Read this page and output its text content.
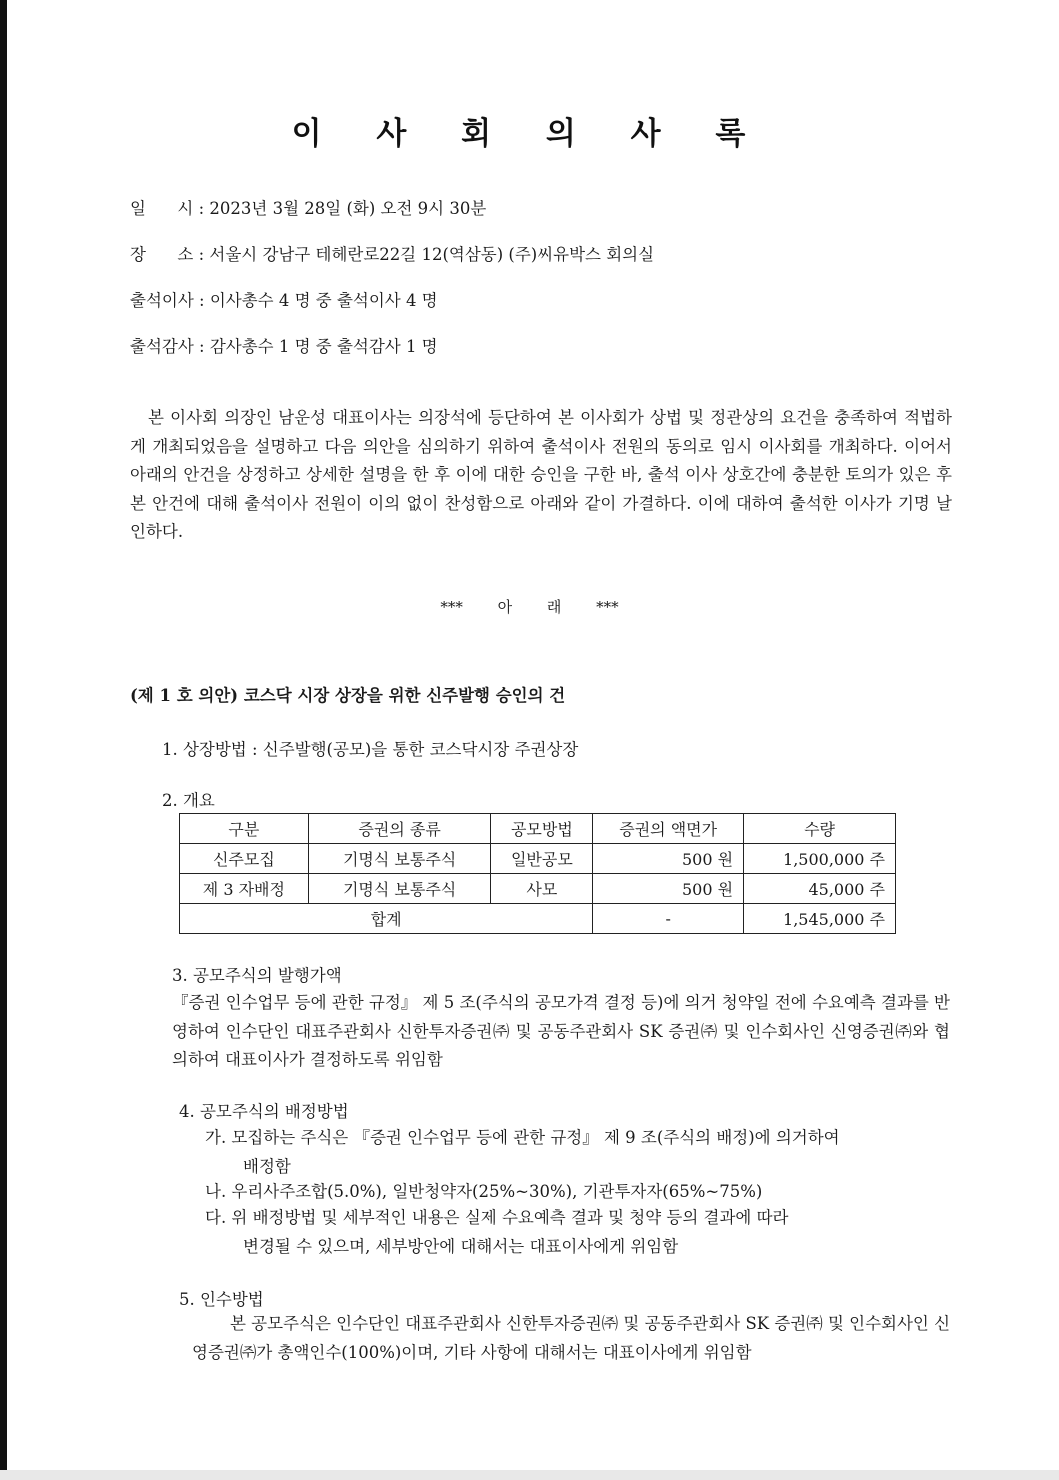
이 사 회 의 사 록
일      시 : 2023년 3월 28일 (화) 오전 9시 30분
장      소 : 서울시 강남구 테헤란로22길 12(역삼동) (주)씨유박스 회의실
출석이사 : 이사총수 4 명 중 출석이사 4 명
출석감사 : 감사총수 1 명 중 출석감사 1 명
본 이사회 의장인 남운성 대표이사는 의장석에 등단하여 본 이사회가 상법 및 정관상의 요건을 충족하여 적법하게 개최되었음을 설명하고 다음 의안을 심의하기 위하여 출석이사 전원의 동의로 임시 이사회를 개최하다. 이어서 아래의 안건을 상정하고 상세한 설명을 한 후 이에 대한 승인을 구한 바, 출석 이사 상호간에 충분한 토의가 있은 후 본 안건에 대해 출석이사 전원이 이의 없이 찬성함으로 아래와 같이 가결하다. 이에 대하여 출석한 이사가 기명 날인하다.
*** 아 래 ***
(제 1 호 의안) 코스닥 시장 상장을 위한 신주발행 승인의 건
1. 상장방법 : 신주발행(공모)을 통한 코스닥시장 주권상장
2. 개요
구분	증권의 종류	공모방법	증권의 액면가	수량
신주모집	기명식 보통주식	일반공모	500 원	1,500,000 주
제 3 자배정	기명식 보통주식	사모	500 원	45,000 주
합계			-	1,545,000 주
3. 공모주식의 발행가액
『증권 인수업무 등에 관한 규정』 제 5 조(주식의 공모가격 결정 등)에 의거 청약일 전에 수요예측 결과를 반영하여 인수단인 대표주관회사 신한투자증권㈜ 및 공동주관회사 SK 증권㈜ 및 인수회사인 신영증권㈜와 협의하여 대표이사가 결정하도록 위임함
4. 공모주식의 배정방법
가. 모집하는 주식은 『증권 인수업무 등에 관한 규정』 제 9 조(주식의 배정)에 의거하여
배정함
나. 우리사주조합(5.0%), 일반청약자(25%~30%), 기관투자자(65%~75%)
다. 위 배정방법 및 세부적인 내용은 실제 수요예측 결과 및 청약 등의 결과에 따라
변경될 수 있으며, 세부방안에 대해서는 대표이사에게 위임함
5. 인수방법
본 공모주식은 인수단인 대표주관회사 신한투자증권㈜ 및 공동주관회사 SK 증권㈜ 및 인수회사인 신영증권㈜가 총액인수(100%)이며, 기타 사항에 대해서는 대표이사에게 위임함
